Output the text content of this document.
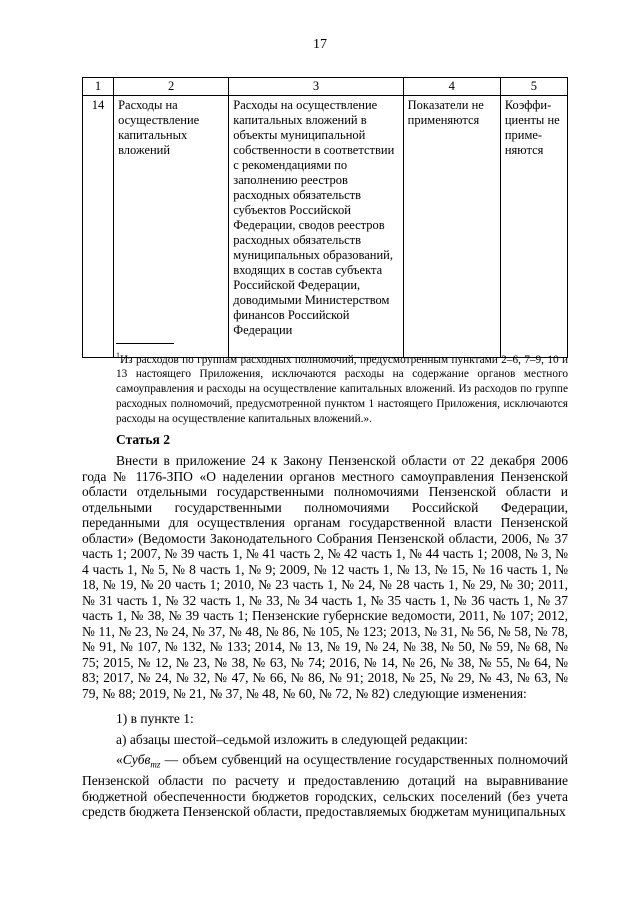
17
1	2	3	4	5
14	Расходы на осуществление капитальных вложений	Расходы на осуществление капитальных вложений в объекты муниципальной собственности в соответствии с рекомендациями по заполнению реестров расходных обязательств субъектов Российской Федерации, сводов реестров расходных обязательств муниципальных образований, входящих в состав субъекта Российской Федерации, доводимыми Министерством финансов Российской Федерации	Показатели не применяются	Коэффи-циенты не приме-няются
$^1$Из расходов по группам расходных полномочий, предусмотренным пунктами 2–6, 7–9, 10 и 13 настоящего Приложения, исключаются расходы на содержание органов местного самоуправления и расходы на осуществление капитальных вложений. Из расходов по группе расходных полномочий, предусмотренной пунктом 1 настоящего Приложения, исключаются расходы на осуществление капитальных вложений.».
Статья 2

Внести в приложение 24 к Закону Пензенской области от 22 декабря 2006 года № 1176-ЗПО «О наделении органов местного самоуправления Пензенской области отдельными государственными полномочиями Пензенской области и отдельными государственными полномочиями Российской Федерации, переданными для осуществления органам государственной власти Пензенской области» (Ведомости Законодательного Собрания Пензенской области, 2006, № 37 часть 1; 2007, № 39 часть 1, № 41 часть 2, № 42 часть 1, № 44 часть 1; 2008, № 3, № 4 часть 1, № 5, № 8 часть 1, № 9; 2009, № 12 часть 1, № 13, № 15, № 16 часть 1, № 18, № 19, № 20 часть 1; 2010, № 23 часть 1, № 24, № 28 часть 1, № 29, № 30; 2011, № 31 часть 1, № 32 часть 1, № 33, № 34 часть 1, № 35 часть 1, № 36 часть 1, № 37 часть 1, № 38, № 39 часть 1; Пензенские губернские ведомости, 2011, № 107; 2012, № 11, № 23, № 24, № 37, № 48, № 86, № 105, № 123; 2013, № 31, № 56, № 58, № 78, № 91, № 107, № 132, № 133; 2014, № 13, № 19, № 24, № 38, № 50, № 59, № 68, № 75; 2015, № 12, № 23, № 38, № 63, № 74; 2016, № 14, № 26, № 38, № 55, № 64, № 83; 2017, № 24, № 32, № 47, № 66, № 86, № 91; 2018, № 25, № 29, № 43, № 63, № 79, № 88; 2019, № 21, № 37, № 48, № 60, № 72, № 82) следующие изменения:

1) в пункте 1:
а) абзацы шестой–седьмой изложить в следующей редакции:
«Субв$_{mz}$ — объем субвенций на осуществление государственных полномочий Пензенской области по расчету и предоставлению дотаций на выравнивание бюджетной обеспеченности бюджетов городских, сельских поселений (без учета средств бюджета Пензенской области, предоставляемых бюджетам муниципальных
